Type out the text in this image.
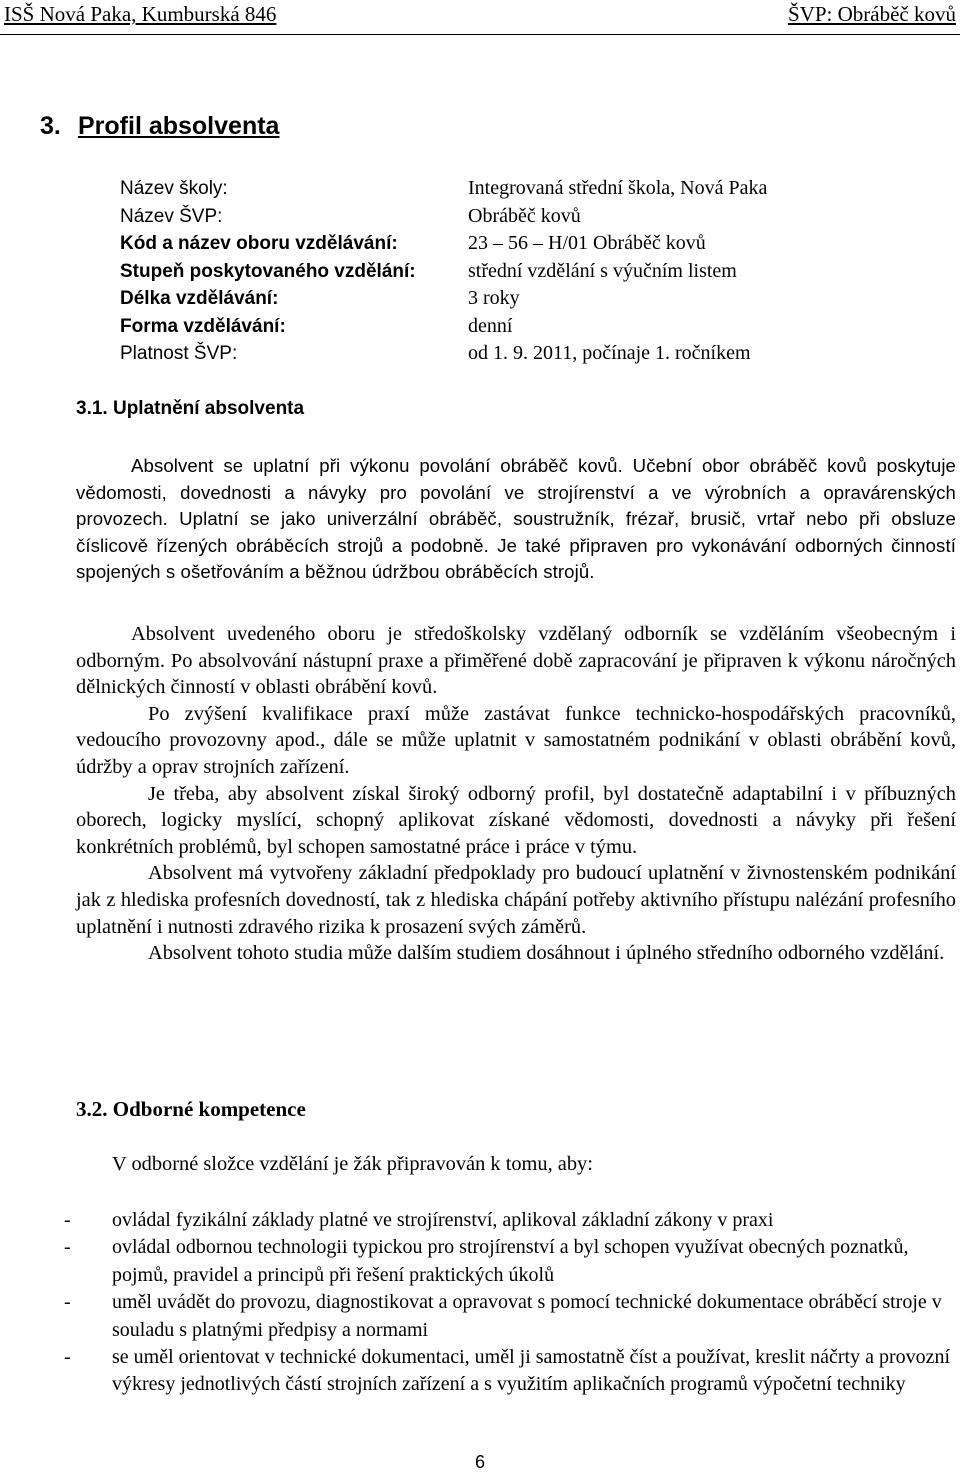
ISŠ Nová Paka, Kumburská 846	ŠVP: Obráběč kovů
3. Profil absolventa
Název školy:	Integrovaná střední škola, Nová Paka
Název ŠVP:	Obráběč kovů
Kód a název oboru vzdělávání:	23 – 56 – H/01 Obráběč kovů
Stupeň poskytovaného vzdělání:	střední vzdělání s výučním listem
Délka vzdělávání:	3 roky
Forma vzdělávání:	denní
Platnost ŠVP:	od 1. 9. 2011, počínaje 1. ročníkem
3.1. Uplatnění absolventa

Absolvent se uplatní při výkonu povolání obráběč kovů. Učební obor obráběč kovů poskytuje vědomosti, dovednosti a návyky pro povolání ve strojírenství a ve výrobních a opravárenských provozech. Uplatní se jako univerzální obráběč, soustružník, frézař, brusič, vrtař nebo při obsluze číslicově řízených obráběcích strojů a podobně. Je také připraven pro vykonávání odborných činností spojených s ošetřováním a běžnou údržbou obráběcích strojů.

Absolvent uvedeného oboru je středoškolsky vzdělaný odborník se vzděláním všeobecným i odborným. Po absolvování nástupní praxe a přiměřené době zapracování je připraven k výkonu náročných dělnických činností v oblasti obrábění kovů.

Po zvýšení kvalifikace praxí může zastávat funkce technicko-hospodářských pracovníků, vedoucího provozovny apod., dále se může uplatnit v samostatném podnikání v oblasti obrábění kovů, údržby a oprav strojních zařízení.

Je třeba, aby absolvent získal široký odborný profil, byl dostatečně adaptabilní i v příbuzných oborech, logicky myslící, schopný aplikovat získané vědomosti, dovednosti a návyky při řešení konkrétních problémů, byl schopen samostatné práce i práce v týmu.

Absolvent má vytvořeny základní předpoklady pro budoucí uplatnění v živnostenském podnikání jak z hlediska profesních dovedností, tak z hlediska chápání potřeby aktivního přístupu nalézání profesního uplatnění i nutnosti zdravého rizika k prosazení svých záměrů.

Absolvent tohoto studia může dalším studiem dosáhnout i úplného středního odborného vzdělání.

3.2. Odborné kompetence
V odborné složce vzdělání je žák připravován k tomu, aby:
-	ovládal fyzikální základy platné ve strojírenství, aplikoval základní zákony v praxi
-	ovládal odbornou technologii typickou pro strojírenství a byl schopen využívat obecných poznatků, pojmů, pravidel a principů při řešení praktických úkolů
-	uměl uvádět do provozu, diagnostikovat a opravovat s pomocí technické dokumentace obráběcí stroje v souladu s platnými předpisy a normami
-	se uměl orientovat v technické dokumentaci, uměl ji samostatně číst a používat, kreslit náčrty a provozní výkresy jednotlivých částí strojních zařízení a s využitím aplikačních programů výpočetní techniky
6
